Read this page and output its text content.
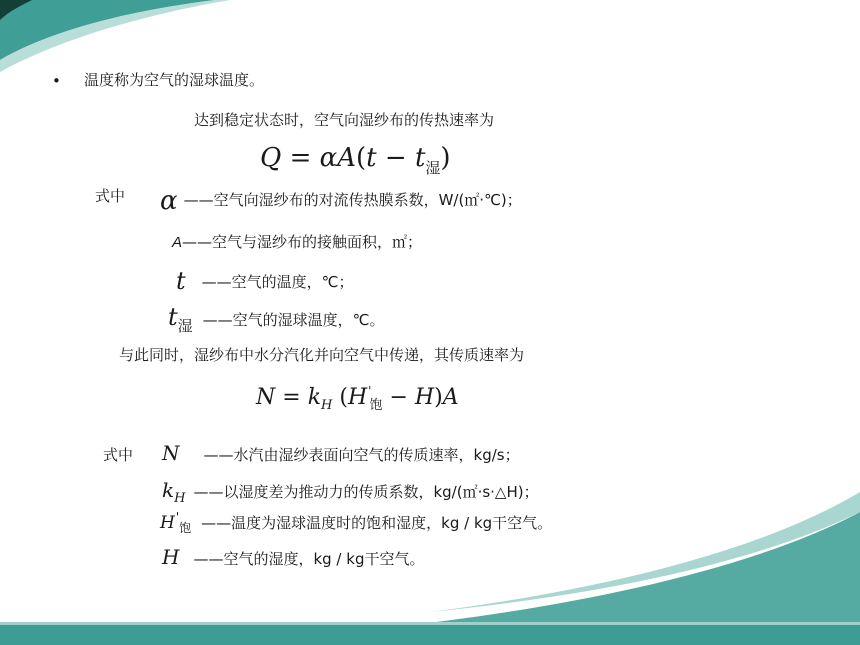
• 温度称为空气的湿球温度。
达到稳定状态时，空气向湿纱布的传热速率为
$Q = \alpha A(t - t_湿)$
式中 α ——空气向湿纱布的对流传热膜系数，W/(㎡·℃)；
A——空气与湿纱布的接触面积，㎡；
t ——空气的温度，℃；
t湿 ——空气的湿球温度，℃。
与此同时，湿纱布中水分汽化并向空气中传递，其传质速率为
$N = k_H$ $(H'_饱 - H)A$
式中 N ——水汽由湿纱表面向空气的传质速率，kg/s；
kH ——以湿度差为推动力的传质系数，kg/(㎡·s·△H)；
$H'_饱$ ——温度为湿球温度时的饱和湿度，kg / kg干空气。
H ——空气的湿度，kg / kg干空气。
